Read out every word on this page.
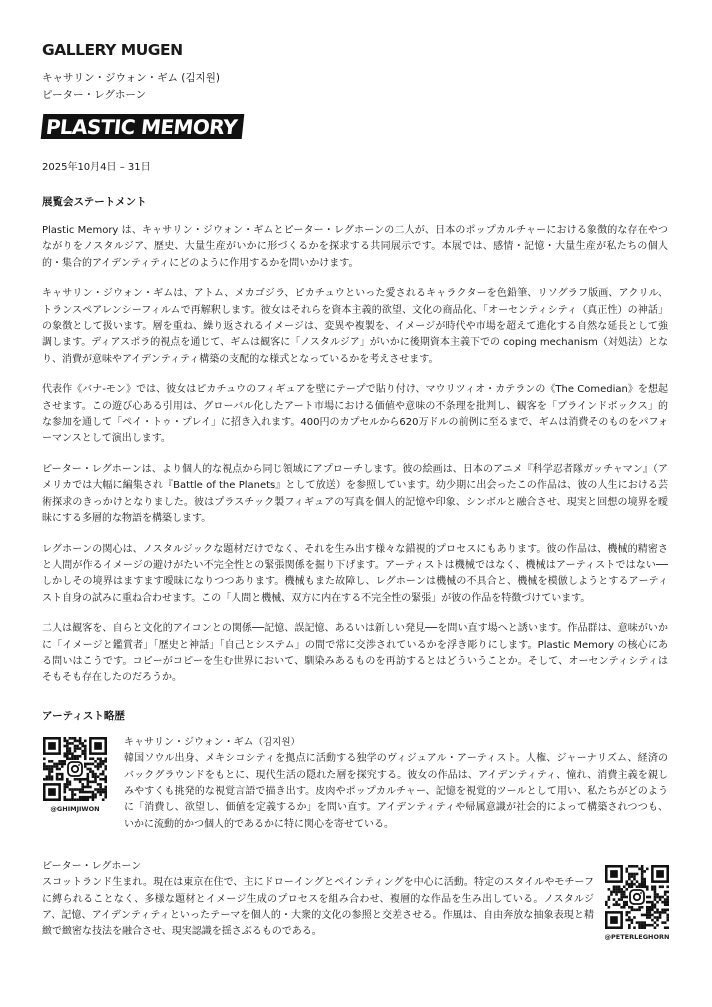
GALLERY MUGEN
キャサリン・ジウォン・ギム (김지원)
ピーター・レグホーン
PLASTIC MEMORY
2025年10月4日 – 31日
展覧会ステートメント

Plastic Memory は、キャサリン・ジウォン・ギムとピーター・レグホーンの二人が、日本のポップカルチャーにおける象徴的な存在やつながりをノスタルジア、歴史、大量生産がいかに形づくるかを探求する共同展示です。本展では、感情・記憶・大量生産が私たちの個人的・集合的アイデンティティにどのように作用するかを問いかけます。

キャサリン・ジウォン・ギムは、アトム、メカゴジラ、ピカチュウといった愛されるキャラクターを色鉛筆、リソグラフ版画、アクリル、トランスペアレンシーフィルムで再解釈します。彼女はそれらを資本主義的欲望、文化の商品化、「オーセンティシティ（真正性）の神話」の象徴として扱います。層を重ね、繰り返されるイメージは、変異や複製を、イメージが時代や市場を超えて進化する自然な延長として強調します。ディアスポラ的視点を通じて、ギムは観客に「ノスタルジア」がいかに後期資本主義下での coping mechanism（対処法）となり、消費が意味やアイデンティティ構築の支配的な様式となっているかを考えさせます。

代表作《バナ-モン》では、彼女はピカチュウのフィギュアを壁にテープで貼り付け、マウリツィオ・カテランの《The Comedian》を想起させます。この遊び心ある引用は、グローバル化したアート市場における価値や意味の不条理を批判し、観客を「ブラインドボックス」的な参加を通して「ペイ・トゥ・プレイ」に招き入れます。400円のカプセルから620万ドルの前例に至るまで、ギムは消費そのものをパフォーマンスとして演出します。

ピーター・レグホーンは、より個人的な視点から同じ領域にアプローチします。彼の絵画は、日本のアニメ『科学忍者隊ガッチャマン』（アメリカでは大幅に編集され『Battle of the Planets』として放送）を参照しています。幼少期に出会ったこの作品は、彼の人生における芸術探求のきっかけとなりました。彼はプラスチック製フィギュアの写真を個人的記憶や印象、シンボルと融合させ、現実と回想の境界を曖昧にする多層的な物語を構築します。

レグホーンの関心は、ノスタルジックな題材だけでなく、それを生み出す様々な錯視的プロセスにもあります。彼の作品は、機械的精密さと人間が作るイメージの避けがたい不完全性との緊張関係を掘り下げます。アーティストは機械ではなく、機械はアーティストではない──しかしその境界はますます曖昧になりつつあります。機械もまた故障し、レグホーンは機械の不具合と、機械を模倣しようとするアーティスト自身の試みに重ね合わせます。この「人間と機械、双方に内在する不完全性の緊張」が彼の作品を特徴づけています。

二人は観客を、自らと文化的アイコンとの関係──記憶、誤記憶、あるいは新しい発見──を問い直す場へと誘います。作品群は、意味がいかに「イメージと鑑賞者」「歴史と神話」「自己とシステム」の間で常に交渉されているかを浮き彫りにします。Plastic Memory の核心にある問いはこうです。コピーがコピーを生む世界において、馴染みあるものを再訪するとはどういうことか。そして、オーセンティシティはそもそも存在したのだろうか。

アーティスト略歴
@GHIMJIWON
キャサリン・ジウォン・ギム（김지원）
韓国ソウル出身、メキシコシティを拠点に活動する独学のヴィジュアル・アーティスト。人権、ジャーナリズム、経済のバックグラウンドをもとに、現代生活の隠れた層を探究する。彼女の作品は、アイデンティティ、憧れ、消費主義を親しみやすくも挑発的な視覚言語で描き出す。皮肉やポップカルチャー、記憶を視覚的ツールとして用い、私たちがどのように「消費し、欲望し、価値を定義するか」を問い直す。アイデンティティや帰属意識が社会的によって構築されつつも、いかに流動的かつ個人的であるかに特に関心を寄せている。
ピーター・レグホーン
スコットランド生まれ。現在は東京在住で、主にドローイングとペインティングを中心に活動。特定のスタイルやモチーフに縛られることなく、多様な題材とイメージ生成のプロセスを組み合わせ、複層的な作品を生み出している。ノスタルジア、記憶、アイデンティティといったテーマを個人的・大衆的文化の参照と交差させる。作風は、自由奔放な抽象表現と精緻で緻密な技法を融合させ、現実認識を揺さぶるものである。	@PETERLEGHORN
